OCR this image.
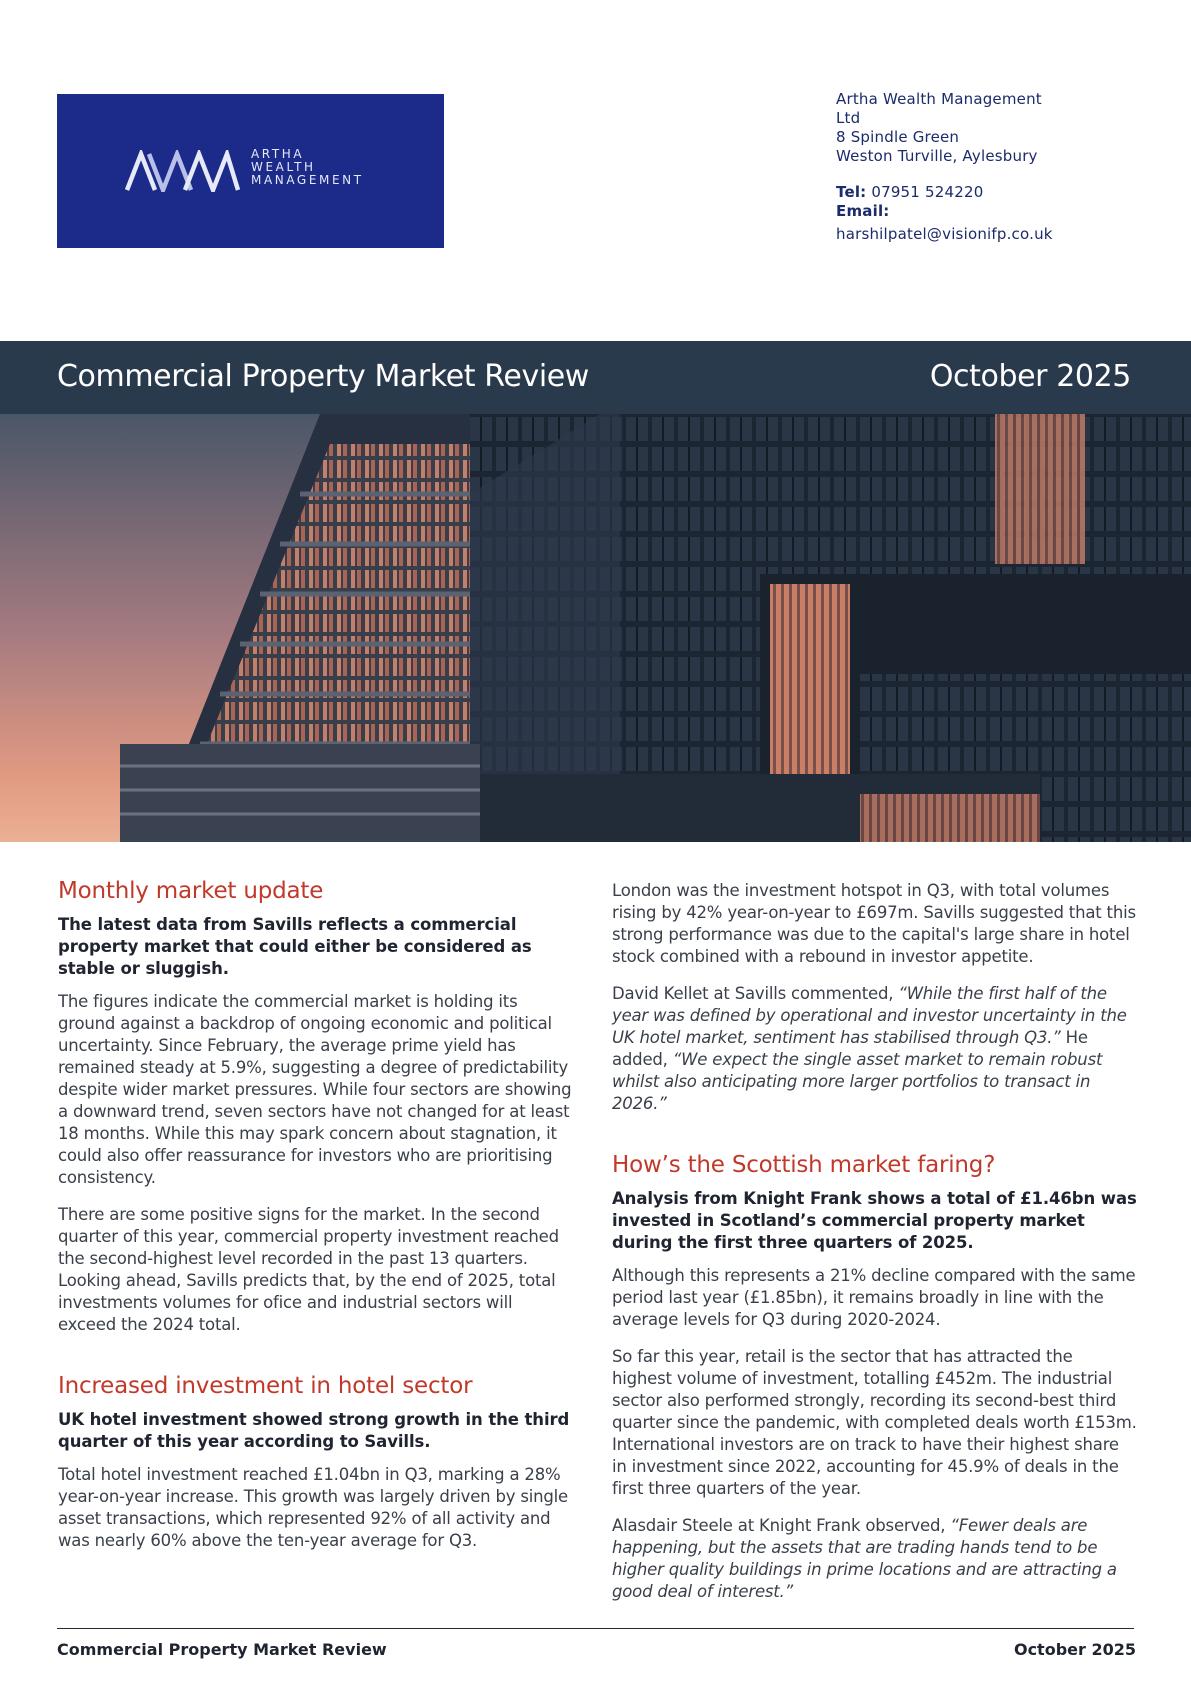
ARTHA
WEALTH
MANAGEMENT
Artha Wealth Management
Ltd
8 Spindle Green
Weston Turville, Aylesbury
Tel: 07951 524220
Email:
harshilpatel@visionifp.co.uk
Commercial Property Market Review	October 2025
Monthly market update
The latest data from Savills reflects a commercial property market that could either be considered as stable or sluggish.

The figures indicate the commercial market is holding its ground against a backdrop of ongoing economic and political uncertainty. Since February, the average prime yield has remained steady at 5.9%, suggesting a degree of predictability despite wider market pressures. While four sectors are showing a downward trend, seven sectors have not changed for at least 18 months. While this may spark concern about stagnation, it could also offer reassurance for investors who are prioritising consistency.

There are some positive signs for the market. In the second quarter of this year, commercial property investment reached the second-highest level recorded in the past 13 quarters. Looking ahead, Savills predicts that, by the end of 2025, total investments volumes for ofice and industrial sectors will exceed the 2024 total.

Increased investment in hotel sector
UK hotel investment showed strong growth in the third quarter of this year according to Savills.

Total hotel investment reached £1.04bn in Q3, marking a 28% year-on-year increase. This growth was largely driven by single asset transactions, which represented 92% of all activity and was nearly 60% above the ten-year average for Q3.

London was the investment hotspot in Q3, with total volumes rising by 42% year-on-year to £697m. Savills suggested that this strong performance was due to the capital's large share in hotel stock combined with a rebound in investor appetite.

David Kellet at Savills commented, “While the first half of the year was defined by operational and investor uncertainty in the UK hotel market, sentiment has stabilised through Q3.” He added, “We expect the single asset market to remain robust whilst also anticipating more larger portfolios to transact in 2026.”

How’s the Scottish market faring?
Analysis from Knight Frank shows a total of £1.46bn was invested in Scotland’s commercial property market during the first three quarters of 2025.

Although this represents a 21% decline compared with the same period last year (£1.85bn), it remains broadly in line with the average levels for Q3 during 2020-2024.

So far this year, retail is the sector that has attracted the highest volume of investment, totalling £452m. The industrial sector also performed strongly, recording its second-best third quarter since the pandemic, with completed deals worth £153m. International investors are on track to have their highest share in investment since 2022, accounting for 45.9% of deals in the first three quarters of the year.

Alasdair Steele at Knight Frank observed, “Fewer deals are happening, but the assets that are trading hands tend to be higher quality buildings in prime locations and are attracting a good deal of interest.”

Commercial Property Market Review	October 2025
